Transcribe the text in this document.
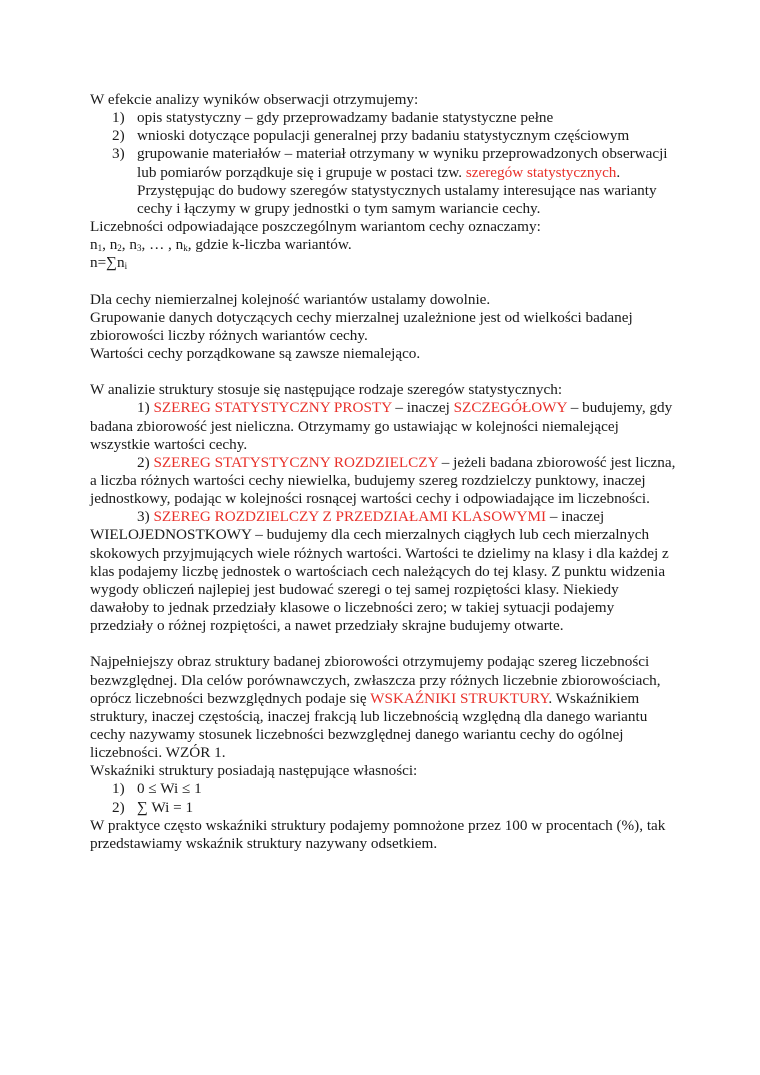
W efekcie analizy wyników obserwacji otrzymujemy:

1) opis statystyczny – gdy przeprowadzamy badanie statystyczne pełne
2) wnioski dotyczące populacji generalnej przy badaniu statystycznym częściowym
3) grupowanie materiałów – materiał otrzymany w wyniku przeprowadzonych obserwacji lub pomiarów porządkuje się i grupuje w postaci tzw. szeregów statystycznych. Przystępując do budowy szeregów statystycznych ustalamy interesujące nas warianty cechy i łączymy w grupy jednostki o tym samym wariancie cechy.

Liczebności odpowiadające poszczególnym wariantom cechy oznaczamy:

$n_1$, $n_2$, $n_3$, … , $n_k$, gdzie k-liczba wariantów.

$n=\sum n_i$

Dla cechy niemierzalnej kolejność wariantów ustalamy dowolnie.

Grupowanie danych dotyczących cechy mierzalnej uzależnione jest od wielkości badanej zbiorowości liczby różnych wariantów cechy.

Wartości cechy porządkowane są zawsze niemalejąco.

W analizie struktury stosuje się następujące rodzaje szeregów statystycznych:

1) SZEREG STATYSTYCZNY PROSTY – inaczej SZCZEGÓŁOWY – budujemy, gdy badana zbiorowość jest nieliczna. Otrzymamy go ustawiając w kolejności niemalejącej wszystkie wartości cechy.

2) SZEREG STATYSTYCZNY ROZDZIELCZY – jeżeli badana zbiorowość jest liczna, a liczba różnych wartości cechy niewielka, budujemy szereg rozdzielczy punktowy, inaczej jednostkowy, podając w kolejności rosnącej wartości cechy i odpowiadające im liczebności.

3) SZEREG ROZDZIELCZY Z PRZEDZIAŁAMI KLASOWYMI – inaczej WIELOJEDNOSTKOWY – budujemy dla cech mierzalnych ciągłych lub cech mierzalnych skokowych przyjmujących wiele różnych wartości. Wartości te dzielimy na klasy i dla każdej z klas podajemy liczbę jednostek o wartościach cech należących do tej klasy. Z punktu widzenia wygody obliczeń najlepiej jest budować szeregi o tej samej rozpiętości klasy. Niekiedy dawałoby to jednak przedziały klasowe o liczebności zero; w takiej sytuacji podajemy przedziały o różnej rozpiętości, a nawet przedziały skrajne budujemy otwarte.

Najpełniejszy obraz struktury badanej zbiorowości otrzymujemy podając szereg liczebności bezwzględnej. Dla celów porównawczych, zwłaszcza przy różnych liczebnie zbiorowościach, oprócz liczebności bezwzględnych podaje się WSKAŹNIKI STRUKTURY. Wskaźnikiem struktury, inaczej częstością, inaczej frakcją lub liczebnością względną dla danego wariantu cechy nazywamy stosunek liczebności bezwzględnej danego wariantu cechy do ogólnej liczebności. WZÓR 1.

Wskaźniki struktury posiadają następujące własności:

1) 0 ≤ Wi ≤ 1
2) ∑ Wi = 1

W praktyce często wskaźniki struktury podajemy pomnożone przez 100 w procentach (%), tak przedstawiamy wskaźnik struktury nazywany odsetkiem.
